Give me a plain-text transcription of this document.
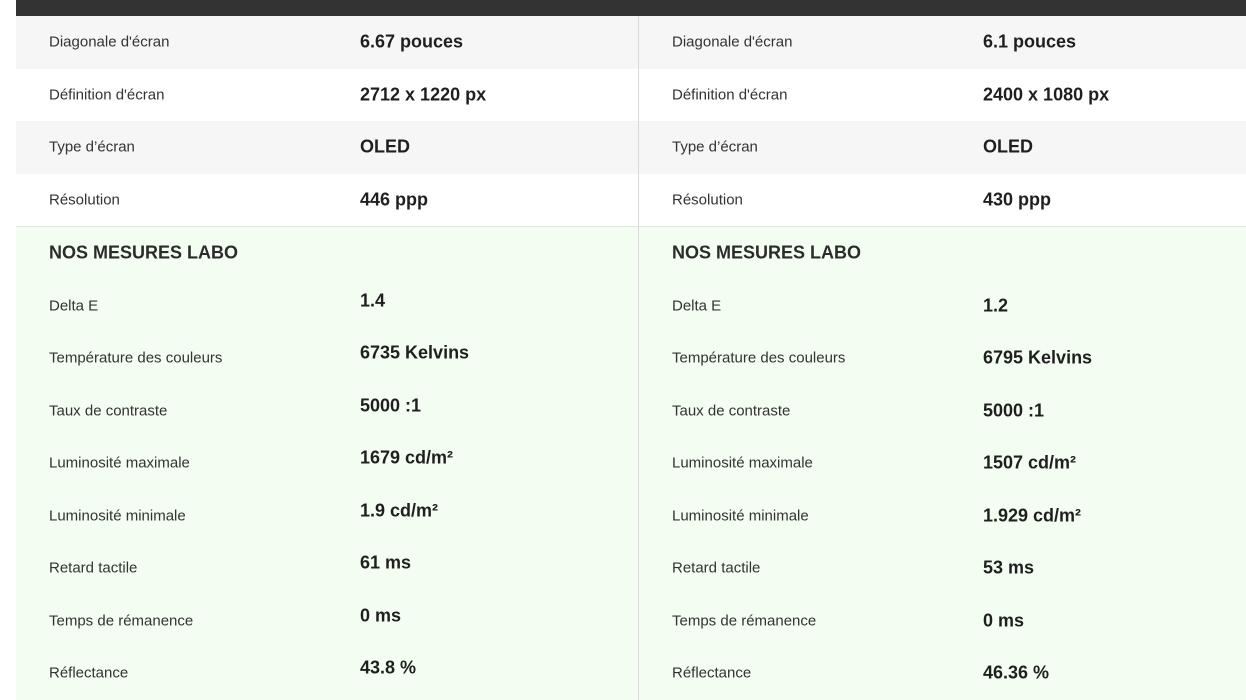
Diagonale d'écran	6.67 pouces
Définition d'écran	2712 x 1220 px
Type d’écran	OLED
Résolution	446 ppp
NOS MESURES LABO
Delta E	1.4
Température des couleurs	6735 Kelvins
Taux de contraste	5000 :1
Luminosité maximale	1679 cd/m²
Luminosité minimale	1.9 cd/m²
Retard tactile	61 ms
Temps de rémanence	0 ms
Réflectance	43.8 %
Diagonale d'écran	6.1 pouces
Définition d'écran	2400 x 1080 px
Type d’écran	OLED
Résolution	430 ppp
NOS MESURES LABO
Delta E	1.2
Température des couleurs	6795 Kelvins
Taux de contraste	5000 :1
Luminosité maximale	1507 cd/m²
Luminosité minimale	1.929 cd/m²
Retard tactile	53 ms
Temps de rémanence	0 ms
Réflectance	46.36 %
